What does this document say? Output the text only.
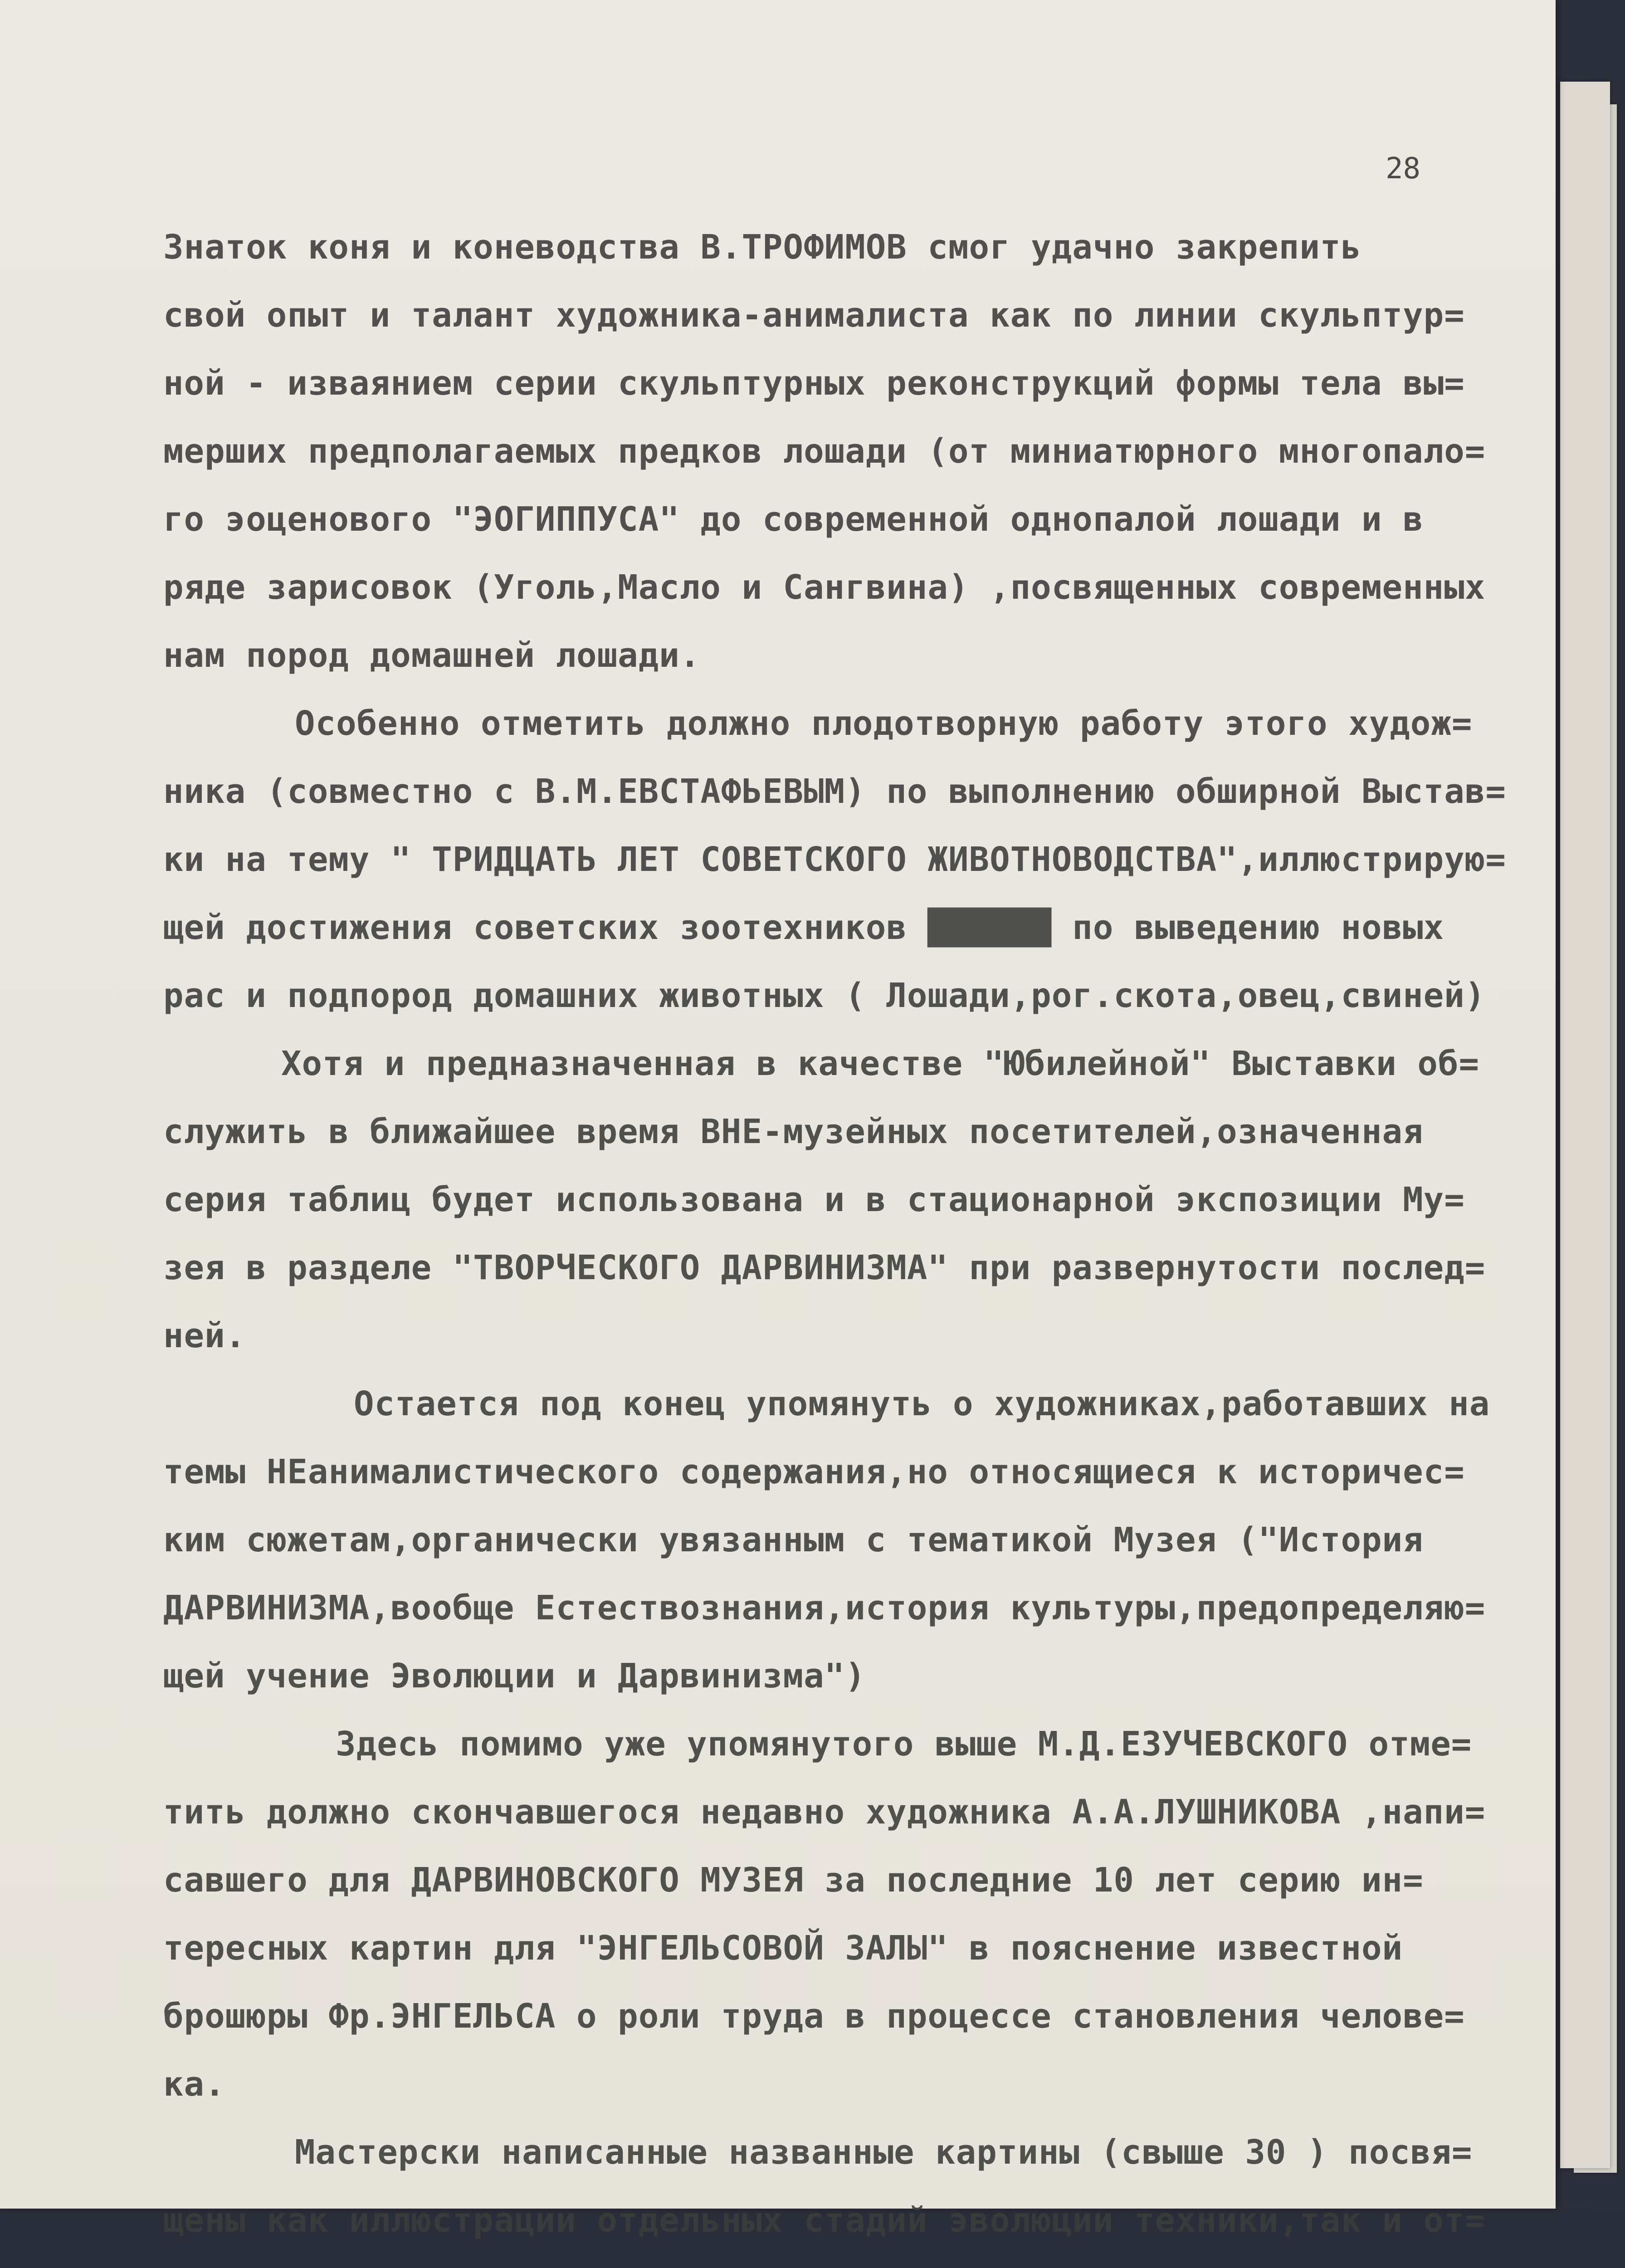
28
Знаток коня и коневодства В.ТРОФИМОВ смог удачно закрепить
свой опыт и талант художника-анималиста как по линии скульптур=
ной - изваянием серии скульптурных реконструкций формы тела вы=
мерших предполагаемых предков лошади (от миниатюрного многопало=
го эоценового "ЭОГИППУСА" до современной однопалой лошади и в
ряде зарисовок (Уголь,Масло и Сангвина) ,посвященных современных
нам пород домашней лошади.
Особенно отметить должно плодотворную работу этого худож=
ника (совместно с В.М.ЕВСТАФЬЕВЫМ) по выполнению обширной Выстав=
ки на тему " ТРИДЦАТЬ ЛЕТ СОВЕТСКОГО ЖИВОТНОВОДСТВА",иллюстрирую=
щей достижения советских зоотехников ██████ по выведению новых
рас и подпород домашних животных ( Лошади,рог.скота,овец,свиней)
Хотя и предназначенная в качестве "Юбилейной" Выставки об=
служить в ближайшее время ВНЕ-музейных посетителей,означенная
серия таблиц будет использована и в стационарной экспозиции Му=
зея в разделе "ТВОРЧЕСКОГО ДАРВИНИЗМА" при развернутости послед=
ней.
Остается под конец упомянуть о художниках,работавших на
темы НЕанималистического содержания,но относящиеся к историчес=
ким сюжетам,органически увязанным с тематикой Музея ("История
ДАРВИНИЗМА,вообще Естествознания,история культуры,предопределяю=
щей учение Эволюции и Дарвинизма")
Здесь помимо уже упомянутого выше М.Д.ЕЗУЧЕВСКОГО отме=
тить должно скончавшегося недавно художника А.А.ЛУШНИКОВА ,напи=
савшего для ДАРВИНОВСКОГО МУЗЕЯ за последние 10 лет серию ин=
тересных картин для "ЭНГЕЛЬСОВОЙ ЗАЛЫ" в пояснение известной
брошюры Фр.ЭНГЕЛЬСА о роли труда в процессе становления челове=
ка.
Мастерски написанные названные картины (свыше 30 ) посвя=
щены как иллюстрации отдельных стадий эволюции техники,так и от=
